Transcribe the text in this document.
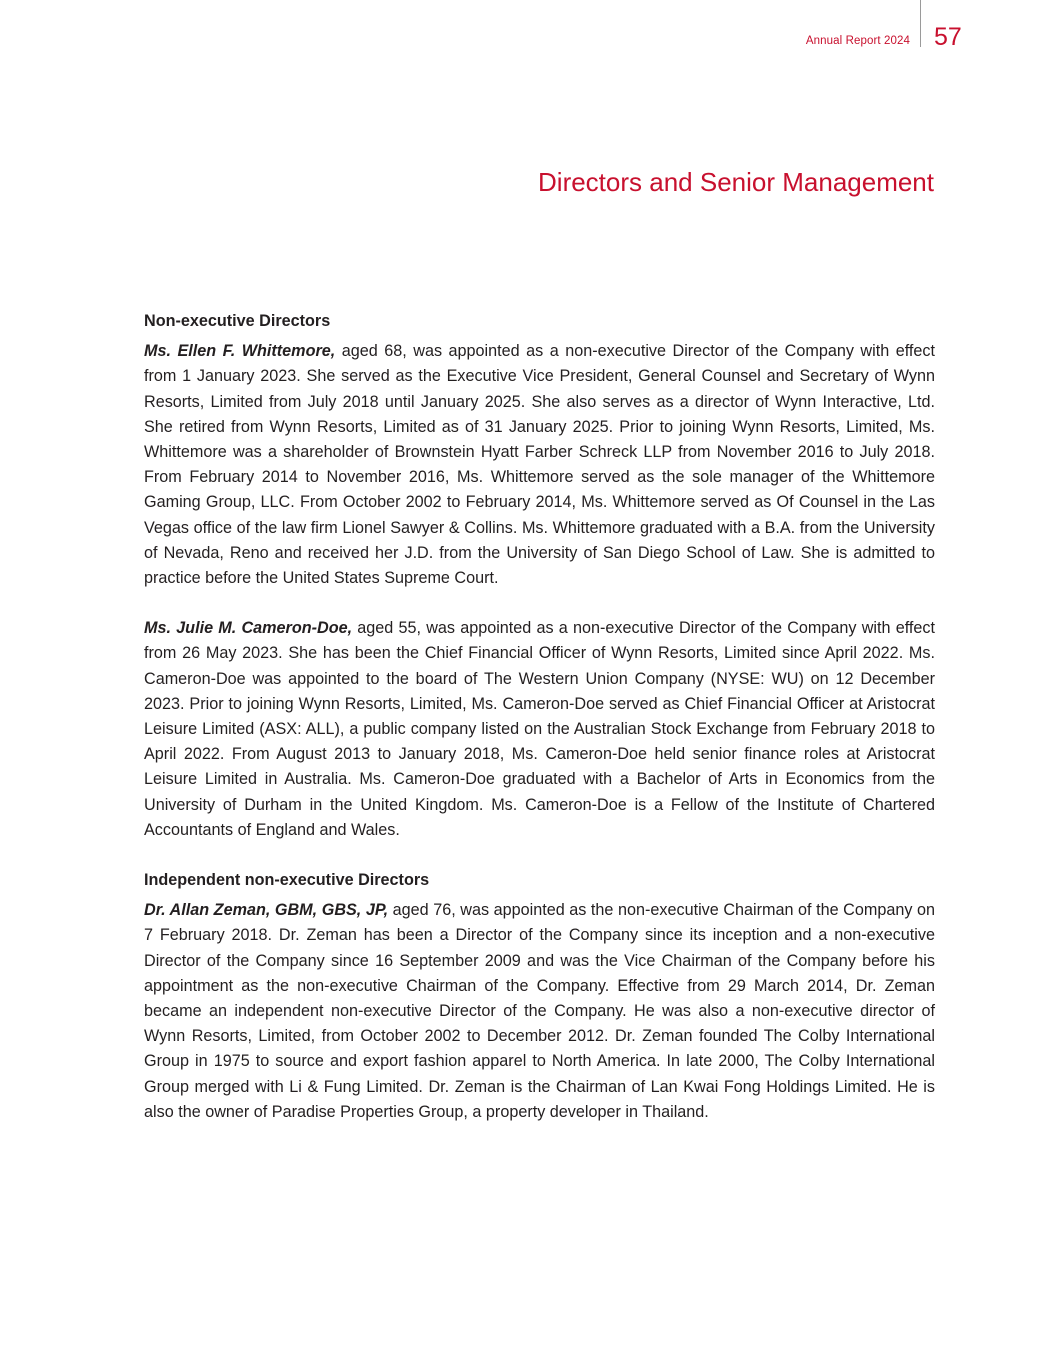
Annual Report 2024 57
Directors and Senior Management
Non-executive Directors

Ms. Ellen F. Whittemore, aged 68, was appointed as a non-executive Director of the Company with effect from 1 January 2023. She served as the Executive Vice President, General Counsel and Secretary of Wynn Resorts, Limited from July 2018 until January 2025. She also serves as a director of Wynn Interactive, Ltd. She retired from Wynn Resorts, Limited as of 31 January 2025. Prior to joining Wynn Resorts, Limited, Ms. Whittemore was a shareholder of Brownstein Hyatt Farber Schreck LLP from November 2016 to July 2018. From February 2014 to November 2016, Ms. Whittemore served as the sole manager of the Whittemore Gaming Group, LLC. From October 2002 to February 2014, Ms. Whittemore served as Of Counsel in the Las Vegas office of the law firm Lionel Sawyer & Collins. Ms. Whittemore graduated with a B.A. from the University of Nevada, Reno and received her J.D. from the University of San Diego School of Law. She is admitted to practice before the United States Supreme Court.

Ms. Julie M. Cameron-Doe, aged 55, was appointed as a non-executive Director of the Company with effect from 26 May 2023. She has been the Chief Financial Officer of Wynn Resorts, Limited since April 2022. Ms. Cameron-Doe was appointed to the board of The Western Union Company (NYSE: WU) on 12 December 2023. Prior to joining Wynn Resorts, Limited, Ms. Cameron-Doe served as Chief Financial Officer at Aristocrat Leisure Limited (ASX: ALL), a public company listed on the Australian Stock Exchange from February 2018 to April 2022. From August 2013 to January 2018, Ms. Cameron-Doe held senior finance roles at Aristocrat Leisure Limited in Australia. Ms. Cameron-Doe graduated with a Bachelor of Arts in Economics from the University of Durham in the United Kingdom. Ms. Cameron-Doe is a Fellow of the Institute of Chartered Accountants of England and Wales.

Independent non-executive Directors

Dr. Allan Zeman, GBM, GBS, JP, aged 76, was appointed as the non-executive Chairman of the Company on 7 February 2018. Dr. Zeman has been a Director of the Company since its inception and a non-executive Director of the Company since 16 September 2009 and was the Vice Chairman of the Company before his appointment as the non-executive Chairman of the Company. Effective from 29 March 2014, Dr. Zeman became an independent non-executive Director of the Company. He was also a non-executive director of Wynn Resorts, Limited, from October 2002 to December 2012. Dr. Zeman founded The Colby International Group in 1975 to source and export fashion apparel to North America. In late 2000, The Colby International Group merged with Li & Fung Limited. Dr. Zeman is the Chairman of Lan Kwai Fong Holdings Limited. He is also the owner of Paradise Properties Group, a property developer in Thailand.
